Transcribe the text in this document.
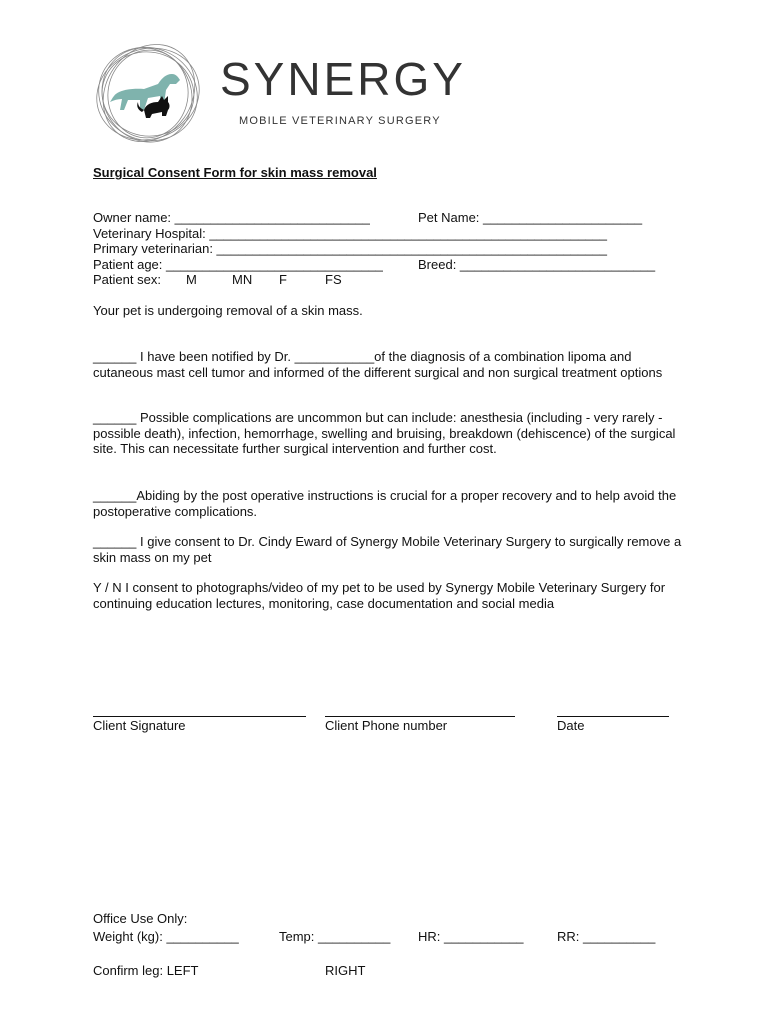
SYNERGY
MOBILE VETERINARY SURGERY
Surgical Consent Form for skin mass removal
Owner name: ___________________________	Pet Name: ______________________
Veterinary Hospital: _______________________________________________________
Primary veterinarian: ______________________________________________________
Patient age: ______________________________	Breed: ___________________________
Patient sex: M	MN F	FS
Your pet is undergoing removal of a skin mass.
______ I have been notified by Dr. ___________of the diagnosis of a combination lipoma and cutaneous mast cell tumor and informed of the different surgical and non surgical treatment options
______ Possible complications are uncommon but can include: anesthesia (including - very rarely - possible death), infection, hemorrhage, swelling and bruising, breakdown (dehiscence) of the surgical site. This can necessitate further surgical intervention and further cost.
______Abiding by the post operative instructions is crucial for a proper recovery and to help avoid the postoperative complications.
______ I give consent to Dr. Cindy Eward of Synergy Mobile Veterinary Surgery to surgically remove a skin mass on my pet
Y / N I consent to photographs/video of my pet to be used by Synergy Mobile Veterinary Surgery for continuing education lectures, monitoring, case documentation and social media
Client Signature	Client Phone number	Date
Office Use Only:
Weight (kg): __________	Temp: __________ HR: ___________	RR: __________
Confirm leg: LEFT	RIGHT
